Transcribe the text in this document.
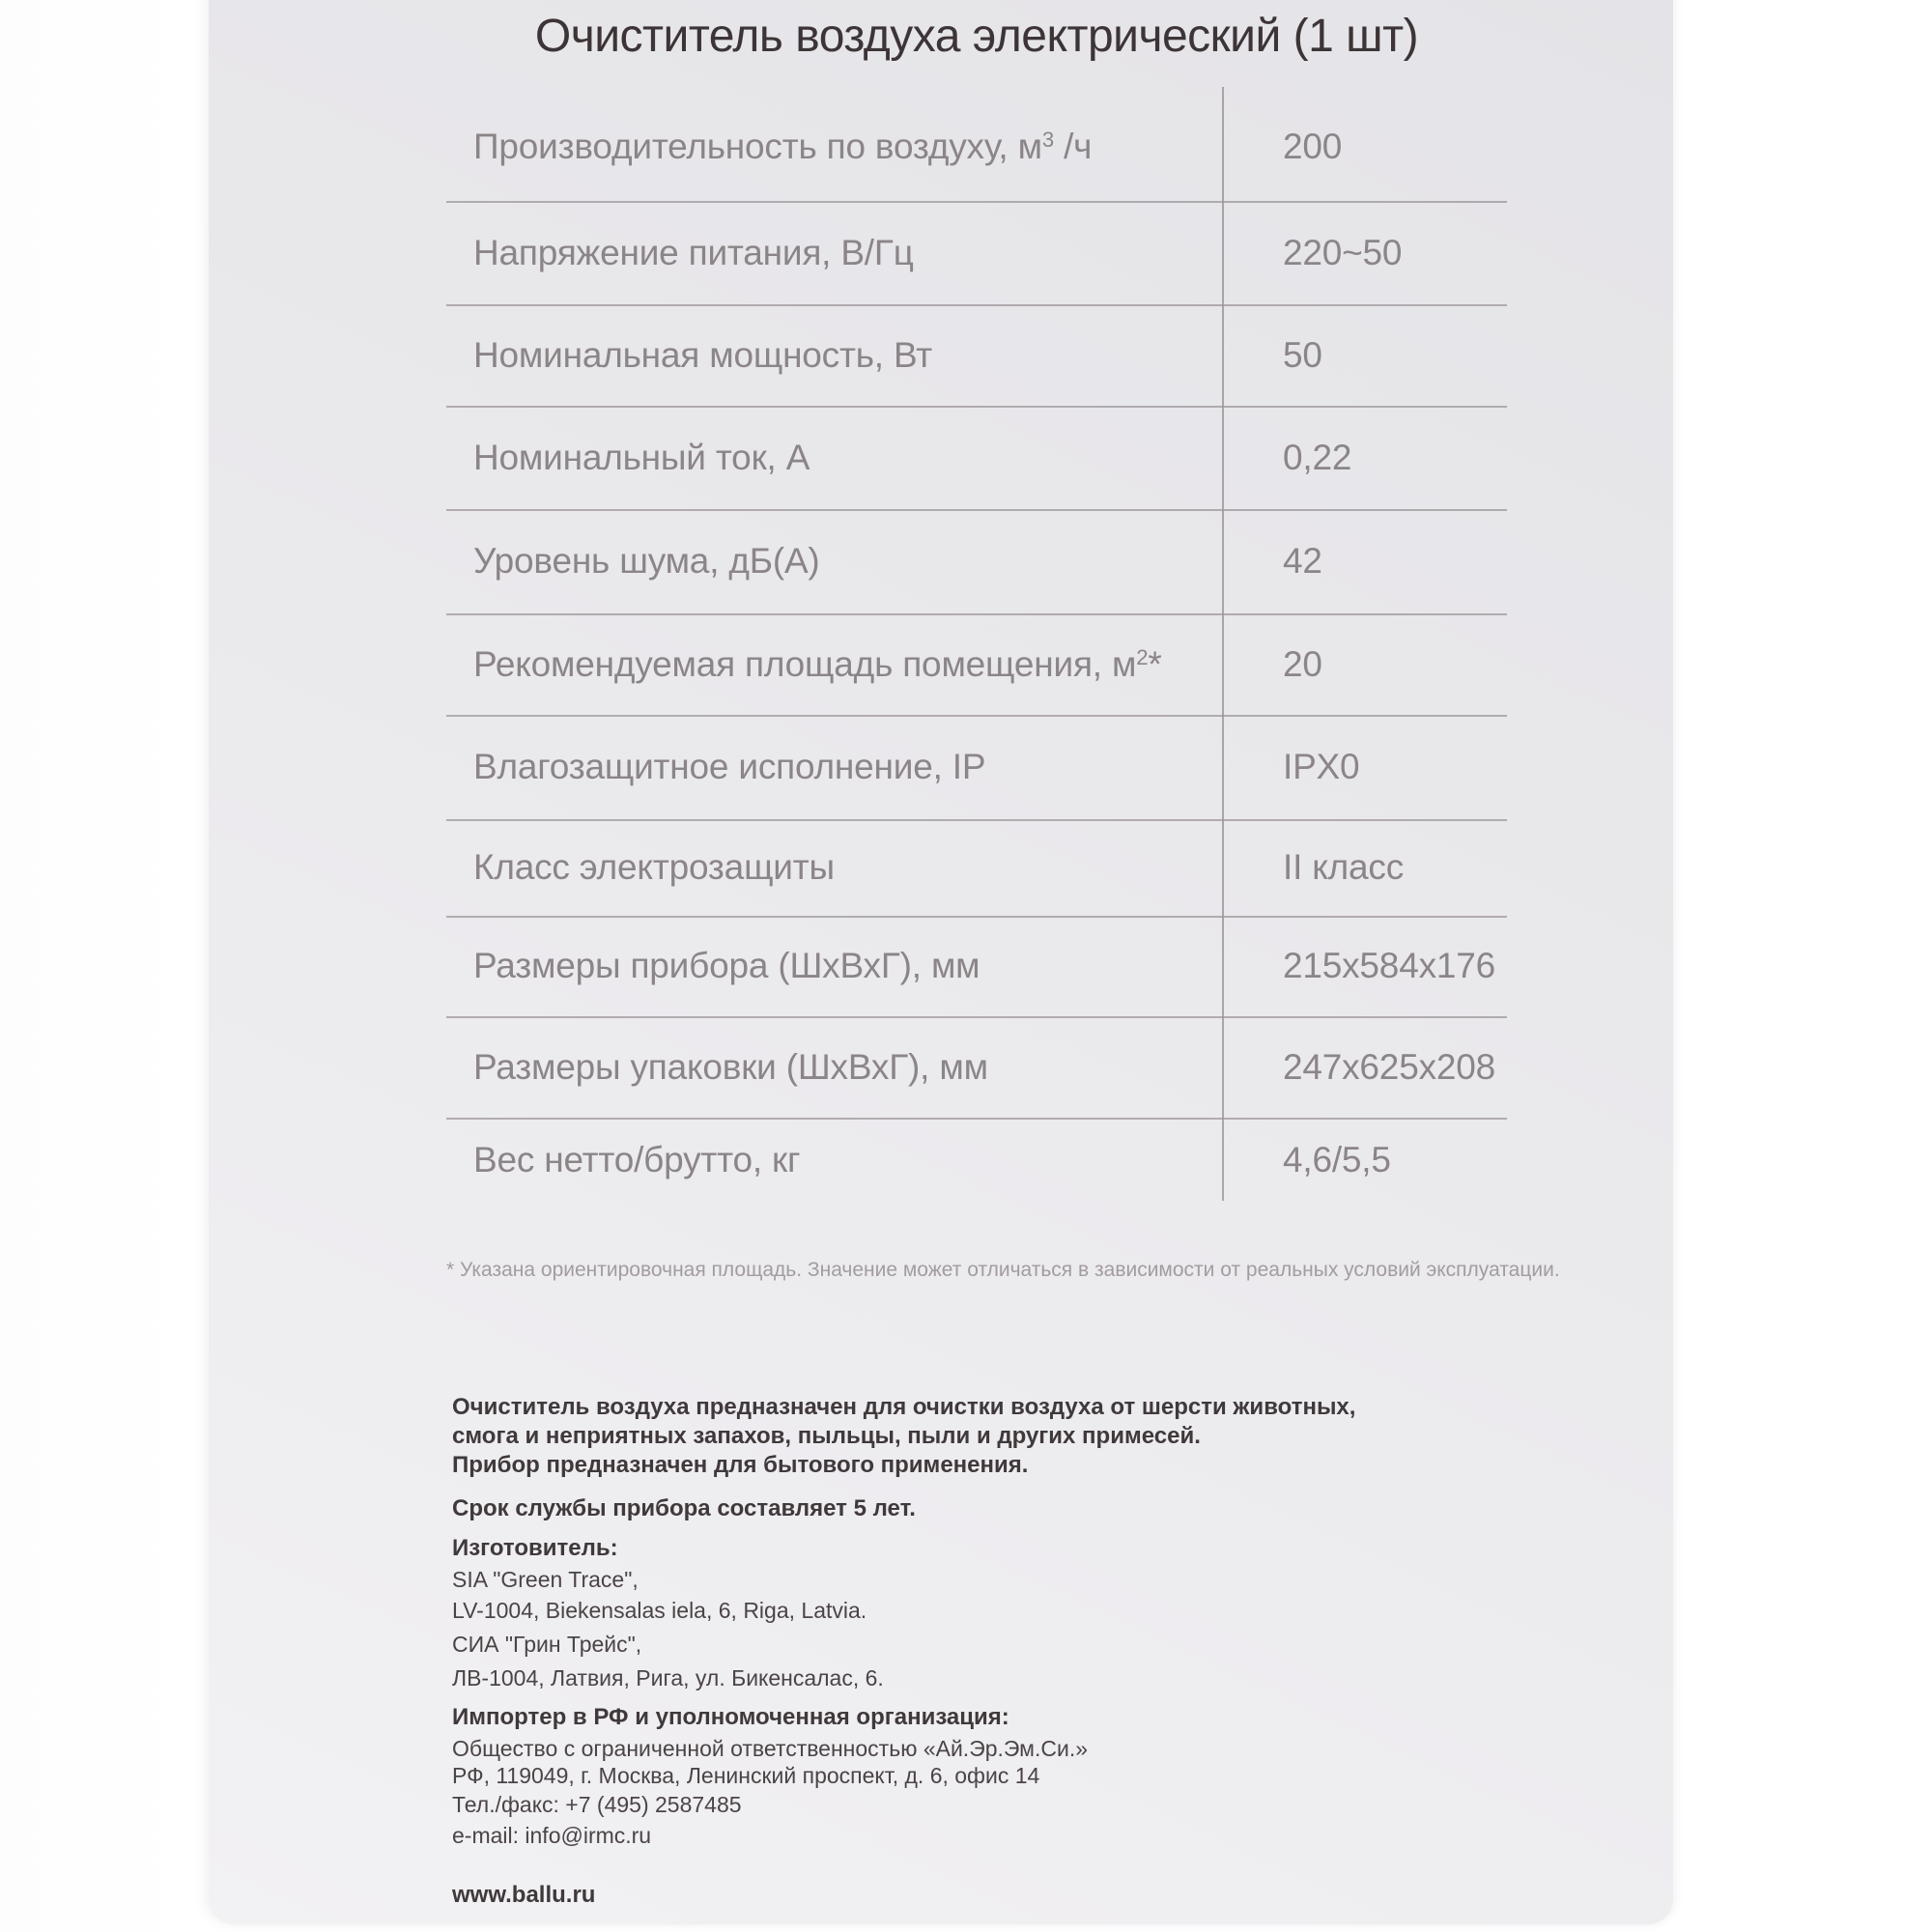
Очиститель воздуха электрический (1 шт)
Производительность по воздуху, $м^3$ /ч	200
Напряжение питания, В/Гц	220~50
Номинальная мощность, Вт	50
Номинальный ток, А	0,22
Уровень шума, дБ(А)	42
Рекомендуемая площадь помещения, $м^2*$	20
Влагозащитное исполнение, IP	IPX0
Класс электрозащиты	II класс
Размеры прибора (ШхВхГ), мм	215x584x176
Размеры упаковки (ШхВхГ), мм	247x625x208
Вес нетто/брутто, кг	4,6/5,5
* Указана ориентировочная площадь. Значение может отличаться в зависимости от реальных условий эксплуатации.
Очиститель воздуха предназначен для очистки воздуха от шерсти животных,
смога и неприятных запахов, пыльцы, пыли и других примесей.
Прибор предназначен для бытового применения.
Срок службы прибора составляет 5 лет.
Изготовитель:
SIA "Green Trace",
LV-1004, Biekensalas iela, 6, Riga, Latvia.
СИА "Грин Трейс",
ЛВ-1004, Латвия, Рига, ул. Бикенсалас, 6.
Импортер в РФ и уполномоченная организация:
Общество с ограниченной ответственностью «Ай.Эр.Эм.Си.»
РФ, 119049, г. Москва, Ленинский проспект, д. 6, офис 14
Тел./факс: +7 (495) 2587485
e-mail: info@irmc.ru
www.ballu.ru
